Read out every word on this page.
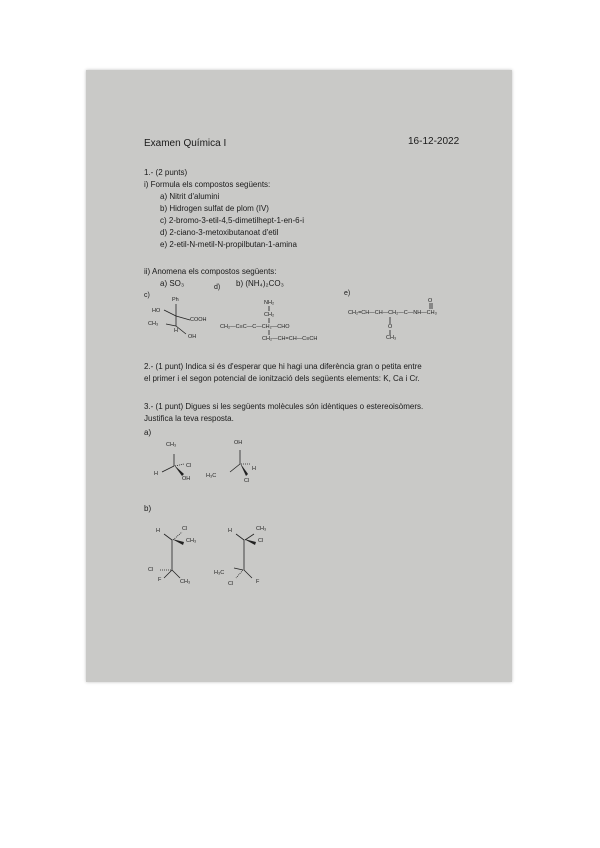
Examen Química I	16-12-2022
1.- (2 punts)
i) Formula els compostos següents:
a) Nitrit d'alumini
b) Hidrogen sulfat de plom (IV)
c) 2-bromo-3-etil-4,5-dimetilhept-1-en-6-i
d) 2-ciano-3-metoxibutanoat d'etil
e) 2-etil-N-metil-N-propilbutan-1-amina
ii) Anomena els compostos següents:
a) SO₃	b) (NH₄)₂CO₃
c)
Ph
HO
COOH
CH₃
H
OH
d)
NH₂
CH₂
CH₂—C≡C—C—CH₂—CHO
CH₂—CH=CH—C≡CH
e)
O
CH₂=CH—CH—CH₂—C—NH—CH₃
O
CH₃
2.- (1 punt) Indica si és d'esperar que hi hagi una diferència gran o petita entre
el primer i el segon potencial de ionització dels següents elements: K, Ca i Cr.
3.- (1 punt) Digues si les següents molècules són idèntiques o estereoisòmers.
Justifica la teva resposta.
a)
CH₃
H
Cl
OH
OH
H
H₃C
Cl
b)
H	Cl
CH₃
Cl
F	CH₃
H	CH₃
Cl
H₃C
Cl	F
